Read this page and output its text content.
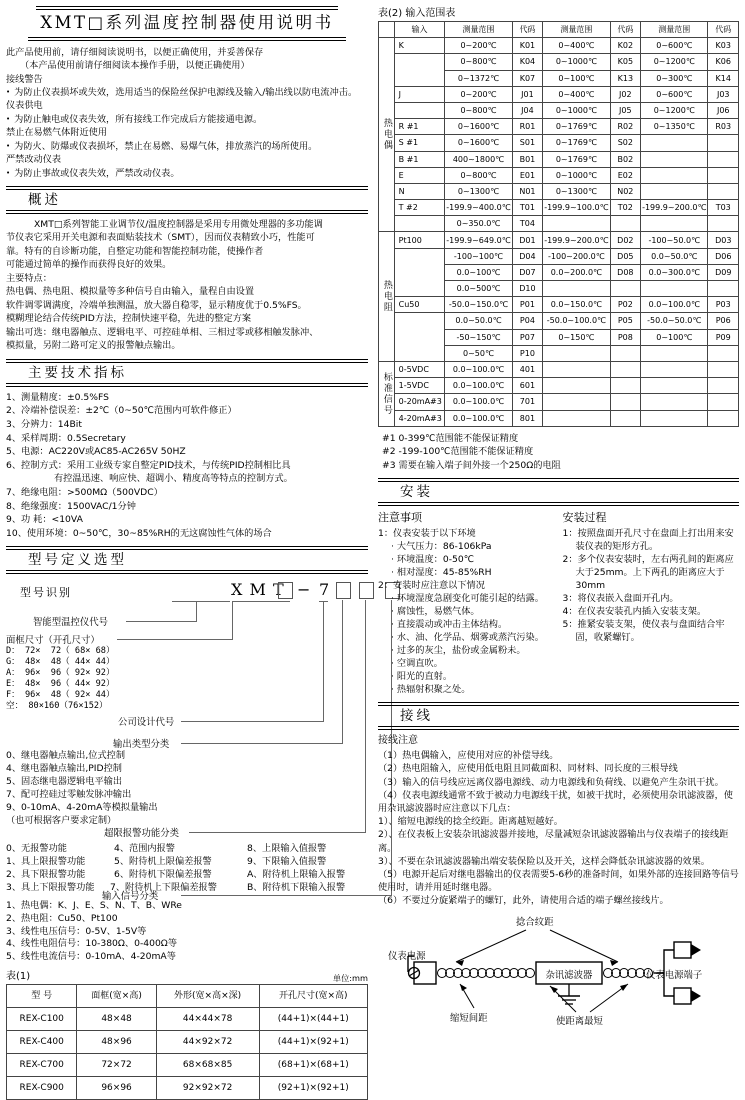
XMT□系列温度控制器使用说明书
此产品使用前，请仔细阅读说明书，以便正确使用，并妥善保存
（本产品使用前请仔细阅读本操作手册，以便正确使用）
接线警告
• 为防止仪表损坏或失效，选用适当的保险丝保护电源线及输入/输出线以防电流冲击。
仪表供电
• 为防止触电或仪表失效，所有接线工作完成后方能接通电源。
禁止在易燃气体附近使用
• 为防火、防爆或仪表损坏，禁止在易燃、易爆气体，排放蒸汽的场所使用。
严禁改动仪表
• 为防止事故或仪表失效，严禁改动仪表。
概述
XMT□系列智能工业调节仪/温度控制器是采用专用微处理器的多功能调
节仪表它采用开关电源和表面贴装技术（SMT），因而仪表精致小巧，性能可
靠。特有的自诊断功能，自整定功能和智能控制功能，使操作者
可能通过简单的操作而获得良好的效果。
主要特点：
热电偶、热电阻、模拟量等多种信号自由输入，量程自由设置
软件调零调满度，冷端单独测温，放大器自稳零，显示精度优于0.5%FS。
模糊理论结合传统PID方法，控制快速平稳，先进的整定方案
输出可选：继电器触点、逻辑电平、可控硅单相、三相过零或移相触发脉冲、
模拟量，另附二路可定义的报警触点输出。
主要技术指标
1、测量精度：±0.5%FS
2、冷端补偿误差：±2℃（0~50℃范围内可软件修正）
3、分辨力：14Bit
4、采样周期：0.5Secretary
5、电源：AC220V或AC85-AC265V 50HZ
6、控制方式：采用工业级专家自整定PID技术，与传统PID控制相比具
有控温迅速、响应快、超调小、精度高等特点的控制方式。
7、绝缘电阻：>500MΩ（500VDC）
8、绝缘强度：1500VAC/1分钟
9、功 耗：<10VA
10、使用环境：0~50℃，30~85%RH的无这腐蚀性气体的场合
型号定义选型
型号识别	X M T − 7
智能型温控仪代号
面框尺寸（开孔尺寸）
D： 72×  72（ 68× 68）
G： 48×  48（ 44× 44）
A： 96×  96（ 92× 92）
E： 48×  96（ 44× 92）
F： 96×  48（ 92× 44）
空： 80×160（76×152）
公司设计代号
输出类型分类
0、继电器触点输出,位式控制
4、继电器触点输出,PID控制
5、固态继电器逻辑电平输出
7、配可控硅过零触发脉冲输出
9、0-10mA、4-20mA等模拟量输出
（也可根据客户要求定制）
超限报警功能分类
0、无报警功能
1、具上限报警功能
2、具下限报警功能
3、具上下限报警功能
4、范围内报警
5、附待机上限偏差报警
6、附待机下限偏差报警
7、附待机上下限偏差报警
8、上限输入值报警
9、下限输入值报警
A、附待机上限输入报警
B、附待机下限输入报警
输入信号分类
1、热电偶：K、J、E、S、N、T、B、WRe
2、热电阻：Cu50、Pt100
3、线性电压信号：0-5V、1-5V等
4、线性电阻信号：10-380Ω、0-400Ω等
5、线性电流信号：0-10mA、4-20mA等
表(1)	单位:mm
型 号	面框(宽×高)	外形(宽×高×深)	开孔尺寸(宽×高)
REX-C100	48×48	44×44×78	(44+1)×(44+1)
REX-C400	48×96	44×92×72	(44+1)×(92+1)
REX-C700	72×72	68×68×85	(68+1)×(68+1)
REX-C900	96×96	92×92×72	(92+1)×(92+1)
表(2) 输入范围表
	输入	测量范围	代码	测量范围	代码	测量范围	代码
热电偶	K	0~200℃	K01	0~400℃	K02	0~600℃	K03
		0~800℃	K04	0~1000℃	K05	0~1200℃	K06
		0~1372℃	K07	0~100℃	K13	0~300℃	K14
	J	0~200℃	J01	0~400℃	J02	0~600℃	J03
		0~800℃	J04	0~1000℃	J05	0~1200℃	J06
	R #1	0~1600℃	R01	0~1769℃	R02	0~1350℃	R03
	S #1	0~1600℃	S01	0~1769℃	S02		
	B #1	400~1800℃	B01	0~1769℃	B02		
	E	0~800℃	E01	0~1000℃	E02		
	N	0~1300℃	N01	0~1300℃	N02		
	T #2	-199.9~400.0℃	T01	-199.9~100.0℃	T02	-199.9~200.0℃	T03
		0~350.0℃	T04				
热电阻	Pt100	-199.9~649.0℃	D01	-199.9~200.0℃	D02	-100~50.0℃	D03
		-100~100℃	D04	-100~200.0℃	D05	0.0~50.0℃	D06
		0.0~100℃	D07	0.0~200.0℃	D08	0.0~300.0℃	D09
		0.0~500℃	D10				
	Cu50	-50.0~150.0℃	P01	0.0~150.0℃	P02	0.0~100.0℃	P03
		0.0~50.0℃	P04	-50.0~100.0℃	P05	-50.0~50.0℃	P06
		-50~150℃	P07	0~150℃	P08	0~100℃	P09
		0~50℃	P10				
标准信号	0-5VDC	0.0~100.0℃	401				
	1-5VDC	0.0~100.0℃	601				
	0-20mA#3	0.0~100.0℃	701				
	4-20mA#3	0.0~100.0℃	801				
#1 0-399℃范围能不能保证精度
#2 -199-100℃范围能不能保证精度
#3 需要在输入端子间外接一个250Ω的电阻
安装
注意事项
1：仪表安装于以下环境
· 大气压力：86-106kPa
· 环境温度：0-50℃
· 相对湿度：45-85%RH
2：安装时应注意以下情况
· 环境湿度急剧变化可能引起的结露。
· 腐蚀性，易燃气体。
· 直接震动或冲击主体结构。
· 水、油、化学品、烟雾或蒸汽污染。
· 过多的灰尘，盐份或金属粉未。
· 空调直吹。
· 阳光的直射。
· 热辐射积聚之处。
安装过程
1：按照盘面开孔尺寸在盘面上打出用来安装仪表的矩形方孔。
2：多个仪表安装时，左右两孔间的距离应大于25mm。上下两孔的距离应大于30mm
3：将仪表嵌入盘面开孔内。
4：在仪表安装孔内插入安装支架。
5：推紧安装支架，使仪表与盘面结合牢固，收紧螺钉。
接线
接线注意
（1）热电偶输入，应使用对应的补偿导线。
（2）热电阻输入，应使用低电阻且同截面积、同材料、同长度的三根导线
（3）输入的信号线应远离仪器电源线、动力电源线和负荷线、以避免产生杂讯干扰。
（4）仪表电源线通常不致于被动力电源线干扰，如被干扰时，必须使用杂讯滤波器，使用杂讯滤波器时应注意以下几点：
1）、缩短电源线的捻全绞距。距离越短越好。
2）、在仪表板上安装杂讯滤波器并接地，尽量减短杂讯滤波器输出与仪表端子的接线距离。
3）、不要在杂讯滤波器输出端安装保险以及开关，这样会降低杂讯滤波器的效果。
（5）电源开起后对继电器输出的仪表需要5-6秒的准备时间，如果外部的连接回路等信号使用时，请并用延时继电器。
（6）不要过分旋紧端子的螺钉，此外，请使用合适的端子螺丝接线片。
仪表电源
捻合纹距
缩短间距
杂讯滤波器
使距离最短
仪表电源端子
